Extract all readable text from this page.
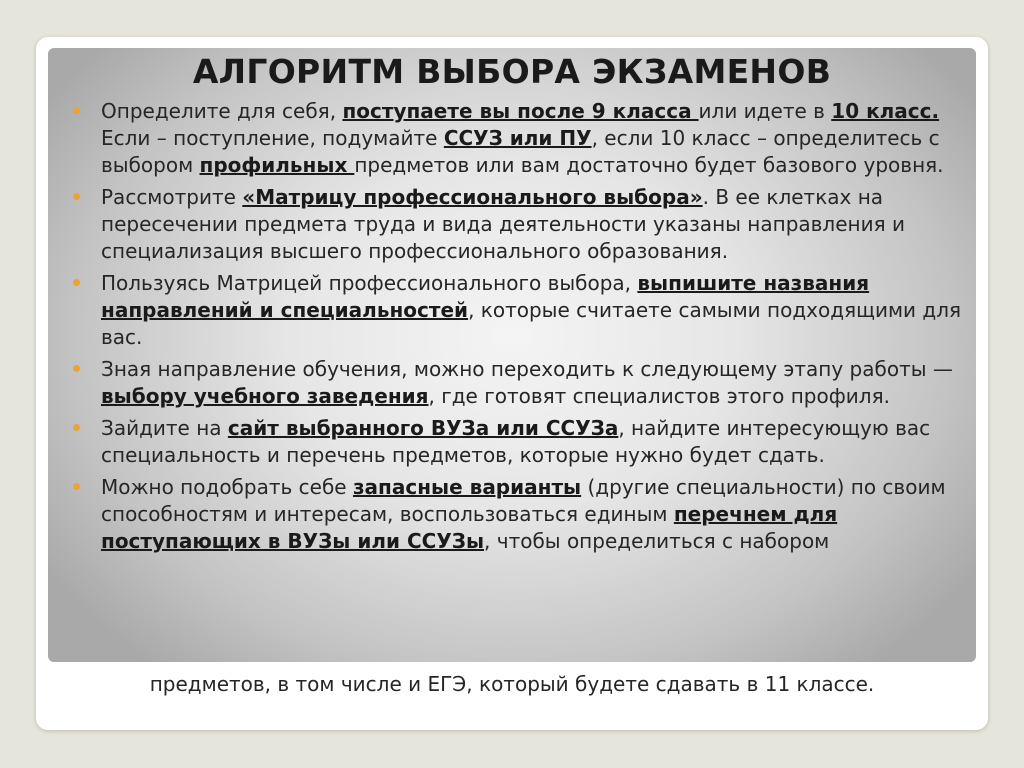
АЛГОРИТМ ВЫБОРА ЭКЗАМЕНОВ
Определите для себя, поступаете вы после 9 класса или идете в 10 класс. Если – поступление, подумайте ССУЗ или ПУ, если 10 класс – определитесь с выбором профильных предметов или вам достаточно будет базового уровня.
Рассмотрите «Матрицу профессионального выбора». В ее клетках на пересечении предмета труда и вида деятельности указаны направления и специализация высшего профессионального образования.
Пользуясь Матрицей профессионального выбора, выпишите названия направлений и специальностей, которые считаете самыми подходящими для вас.
Зная направление обучения, можно переходить к следующему этапу работы — выбору учебного заведения, где готовят специалистов этого профиля.
Зайдите на сайт выбранного ВУЗа или ССУЗа, найдите интересующую вас специальность и перечень предметов, которые нужно будет сдать.
Можно подобрать себе запасные варианты (другие специальности) по своим способностям и интересам, воспользоваться единым перечнем для поступающих в ВУЗы или ССУЗы, чтобы определиться с набором

предметов, в том числе и ЕГЭ, который будете сдавать в 11 классе.
